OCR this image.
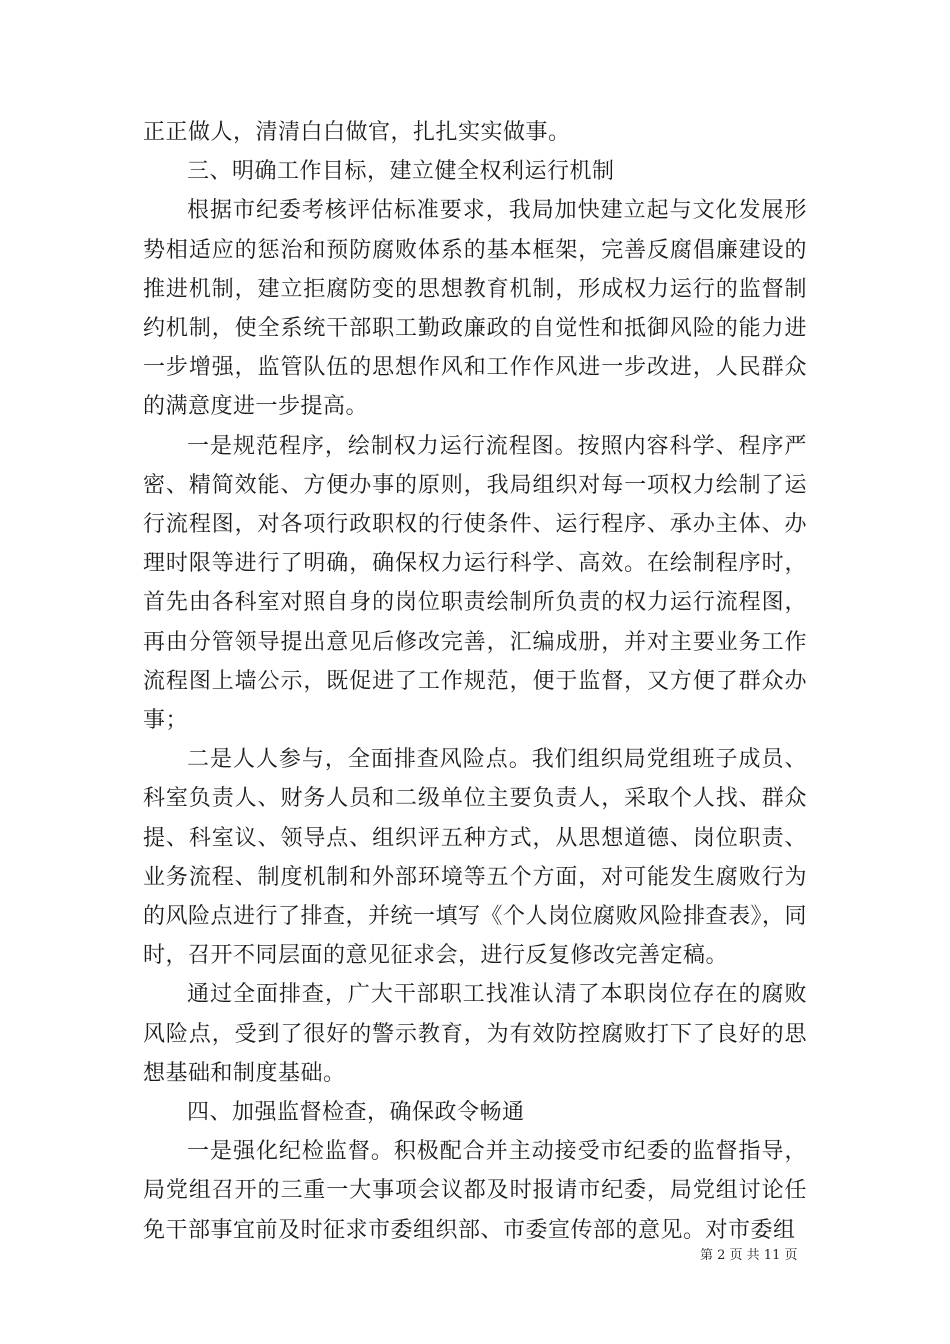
正正做人，清清白白做官，扎扎实实做事。

三、明确工作目标，建立健全权利运行机制

根据市纪委考核评估标准要求，我局加快建立起与文化发展形势相适应的惩治和预防腐败体系的基本框架，完善反腐倡廉建设的推进机制，建立拒腐防变的思想教育机制，形成权力运行的监督制约机制，使全系统干部职工勤政廉政的自觉性和抵御风险的能力进一步增强，监管队伍的思想作风和工作作风进一步改进，人民群众的满意度进一步提高。

一是规范程序，绘制权力运行流程图。按照内容科学、程序严密、精简效能、方便办事的原则，我局组织对每一项权力绘制了运行流程图，对各项行政职权的行使条件、运行程序、承办主体、办理时限等进行了明确，确保权力运行科学、高效。在绘制程序时，首先由各科室对照自身的岗位职责绘制所负责的权力运行流程图，再由分管领导提出意见后修改完善，汇编成册，并对主要业务工作流程图上墙公示，既促进了工作规范，便于监督，又方便了群众办事；

二是人人参与，全面排查风险点。我们组织局党组班子成员、科室负责人、财务人员和二级单位主要负责人，采取个人找、群众提、科室议、领导点、组织评五种方式，从思想道德、岗位职责、业务流程、制度机制和外部环境等五个方面，对可能发生腐败行为的风险点进行了排查，并统一填写《个人岗位腐败风险排查表》，同时，召开不同层面的意见征求会，进行反复修改完善定稿。

通过全面排查，广大干部职工找准认清了本职岗位存在的腐败风险点，受到了很好的警示教育，为有效防控腐败打下了良好的思想基础和制度基础。

四、加强监督检查，确保政令畅通

一是强化纪检监督。积极配合并主动接受市纪委的监督指导，局党组召开的三重一大事项会议都及时报请市纪委，局党组讨论任免干部事宜前及时征求市委组织部、市委宣传部的意见。对市委组

第 2 页 共 11 页
